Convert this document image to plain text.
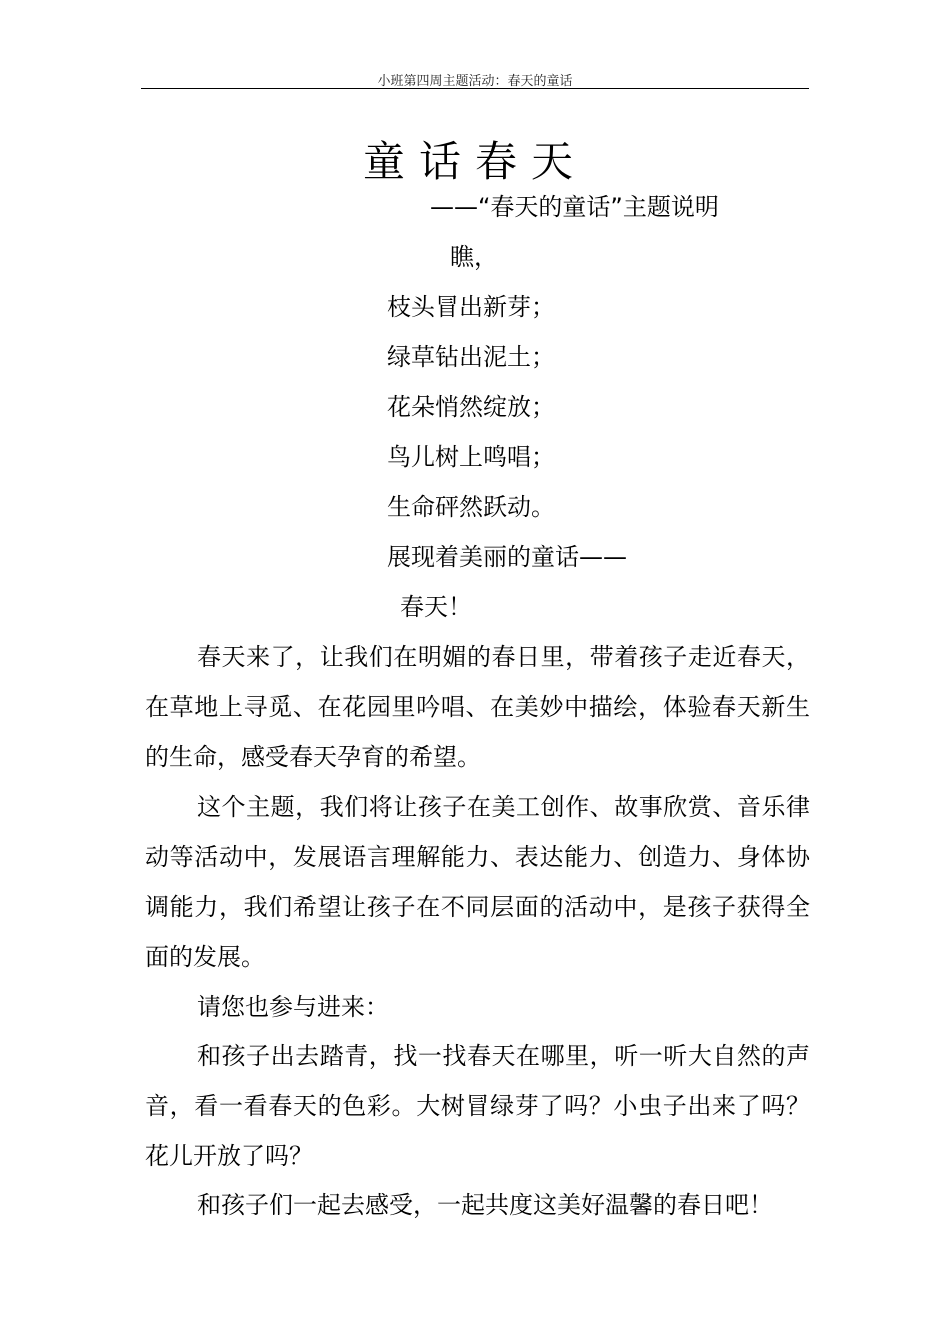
小班第四周主题活动：春天的童话
童话春天
——“春天的童话”主题说明
瞧，
枝头冒出新芽；
绿草钻出泥土；
花朵悄然绽放；
鸟儿树上鸣唱；
生命砰然跃动。
展现着美丽的童话——
春天！

春天来了，让我们在明媚的春日里，带着孩子走近春天，在草地上寻觅、在花园里吟唱、在美妙中描绘，体验春天新生的生命，感受春天孕育的希望。

这个主题，我们将让孩子在美工创作、故事欣赏、音乐律动等活动中，发展语言理解能力、表达能力、创造力、身体协调能力，我们希望让孩子在不同层面的活动中，是孩子获得全面的发展。

请您也参与进来：

和孩子出去踏青，找一找春天在哪里，听一听大自然的声音，看一看春天的色彩。大树冒绿芽了吗？小虫子出来了吗？花儿开放了吗？

和孩子们一起去感受，一起共度这美好温馨的春日吧！
